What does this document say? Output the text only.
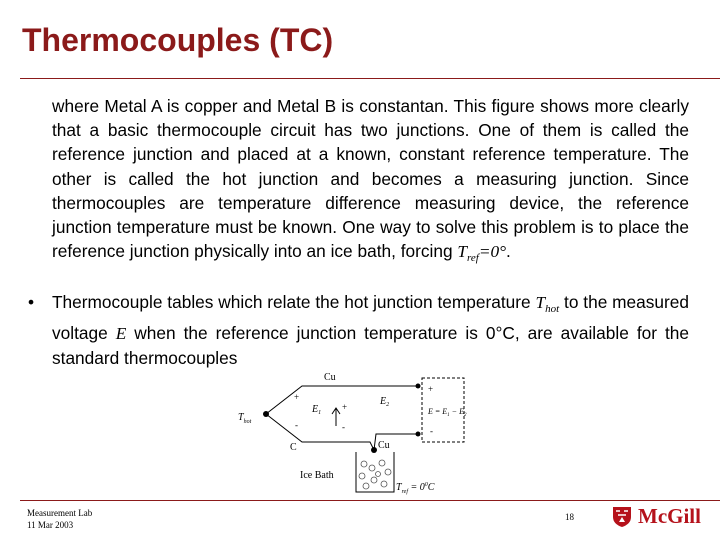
Thermocouples (TC)

where Metal A is copper and Metal B is constantan. This figure shows more clearly that a basic thermocouple circuit has two junctions. One of them is called the reference junction and placed at a known, constant reference temperature. The other is called the hot junction and becomes a measuring junction. Since thermocouples are temperature difference measuring device, the reference junction temperature must be known. One way to solve this problem is to place the reference junction physically into an ice bath, forcing $T_{ref}=0^\circ$.

•	Thermocouple tables which relate the hot junction temperature $T_{hot}$ to the measured voltage E when the reference junction temperature is 0°C, are available for the standard thermocouples
Cu
Cu
C
$T_{hot}$
$E_1$
$E_2$
+
-
+
-
+
-
$E = E_1 - E_2$
Ice Bath
$T_{ref} = 0^0C$
Measurement Lab
11 Mar 2003
18	McGill
